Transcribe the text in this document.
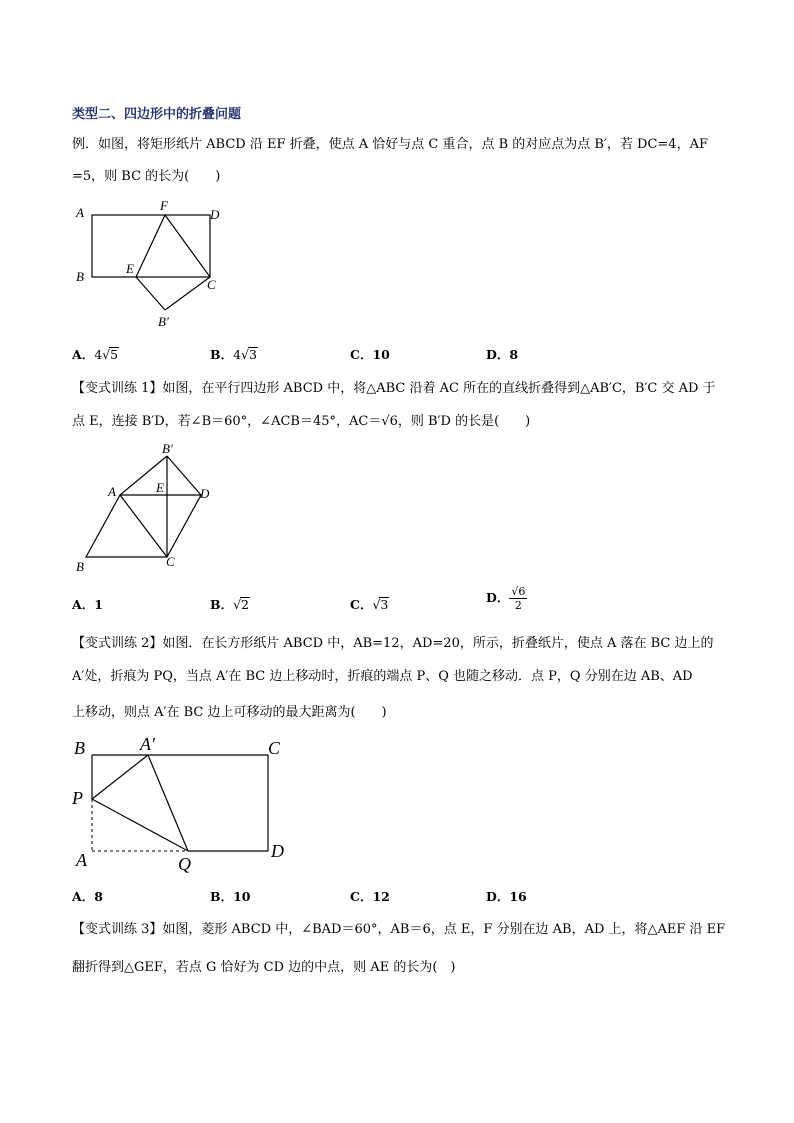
类型二、四边形中的折叠问题
例．如图，将矩形纸片 ABCD 沿 EF 折叠，使点 A 恰好与点 C 重合，点 B 的对应点为点 B′，若 DC=4，AF
=5，则 BC 的长为(　　)
A	F
D
B
E
C
B′
A．4√5	B．4√3	C．10	D．8
【变式训练 1】如图，在平行四边形 ABCD 中，将△ABC 沿着 AC 所在的直线折叠得到△AB′C，B′C 交 AD 于
点 E，连接 B′D，若∠B＝60°，∠ACB＝45°，AC＝√6，则 B′D 的长是(　　)
B′
A	E	D
B	C
A．1	B．√2	C．√3	D． $\frac{√6}{2}$
【变式训练 2】如图．在长方形纸片 ABCD 中，AB=12，AD=20，所示，折叠纸片，使点 A 落在 BC 边上的
A′处，折痕为 PQ，当点 A′在 BC 边上移动时，折痕的端点 P、Q 也随之移动．点 P，Q 分别在边 AB、AD
上移动，则点 A′在 BC 边上可移动的最大距离为(　　)
B	A′	C
P
A	Q
D
A．8	B．10	C．12	D．16
【变式训练 3】如图，菱形 ABCD 中，∠BAD＝60°，AB＝6，点 E，F 分别在边 AB，AD 上，将△AEF 沿 EF
翻折得到△GEF，若点 G 恰好为 CD 边的中点，则 AE 的长为(　)
